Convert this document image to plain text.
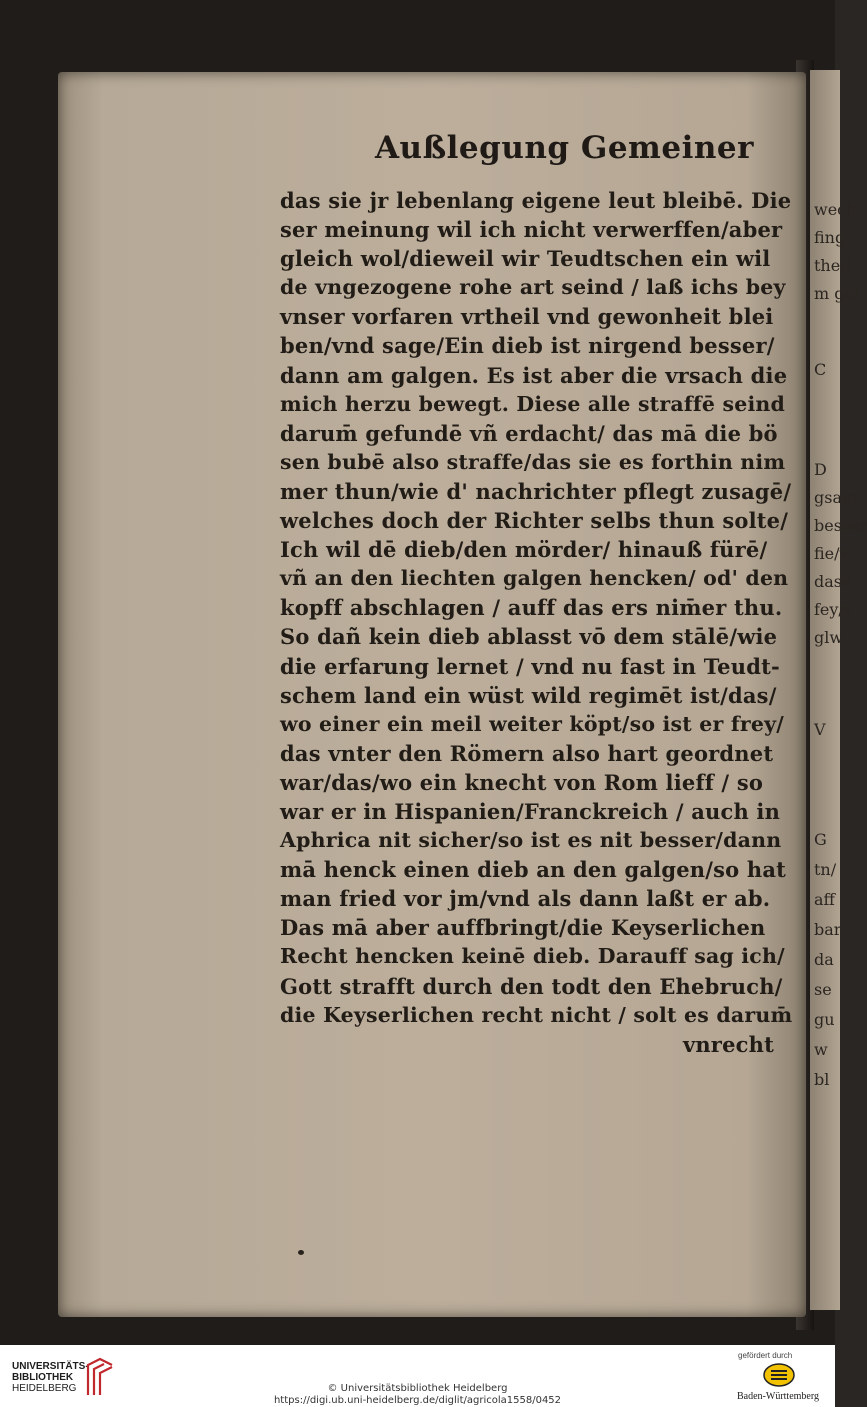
wech
fing
theil
m gal
C
D
gsam
besser
fie/v
dase
fey/v
glw
V
G
tn/
aff
bar
da
se
gu
w
bl
Außlegung Gemeiner
das sie jr lebenlang eigene leut bleibē. Die
ser meinung wil ich nicht verwerffen/aber
gleich wol/dieweil wir Teudtschen ein wil
de vngezogene rohe art seind / laß ichs bey
vnser vorfaren vrtheil vnd gewonheit blei
ben/vnd sage/Ein dieb ist nirgend besser/
dann am galgen. Es ist aber die vrsach die
mich herzu bewegt. Diese alle straffē seind
darum̄ gefundē vñ erdacht/ das mā die bö
sen bubē also straffe/das sie es forthin nim
mer thun/wie d' nachrichter pflegt zusagē/
welches doch der Richter selbs thun solte/
Ich wil dē dieb/den mörder/ hinauß fürē/
vñ an den liechten galgen hencken/ od' den
kopff abschlagen / auff das ers nim̄er thu.
So dañ kein dieb ablasst vō dem stālē/wie
die erfarung lernet / vnd nu fast in Teudt-
schem land ein wüst wild regimēt ist/das/
wo einer ein meil weiter köpt/so ist er frey/
das vnter den Römern also hart geordnet
war/das/wo ein knecht von Rom lieff / so
war er in Hispanien/Franckreich / auch in
Aphrica nit sicher/so ist es nit besser/dann
mā henck einen dieb an den galgen/so hat
man fried vor jm/vnd als dann laßt er ab.
Das mā aber auffbringt/die Keyserlichen
Recht hencken keinē dieb. Darauff sag ich/
Gott strafft durch den todt den Ehebruch/
die Keyserlichen recht nicht / solt es darum̄
vnrecht
UNIVERSITÄTS-
BIBLIOTHEK
HEIDELBERG	© Universitätsbibliothek Heidelberg
https://digi.ub.uni-heidelberg.de/diglit/agricola1558/0452
gefördert durch
Baden-Württemberg
